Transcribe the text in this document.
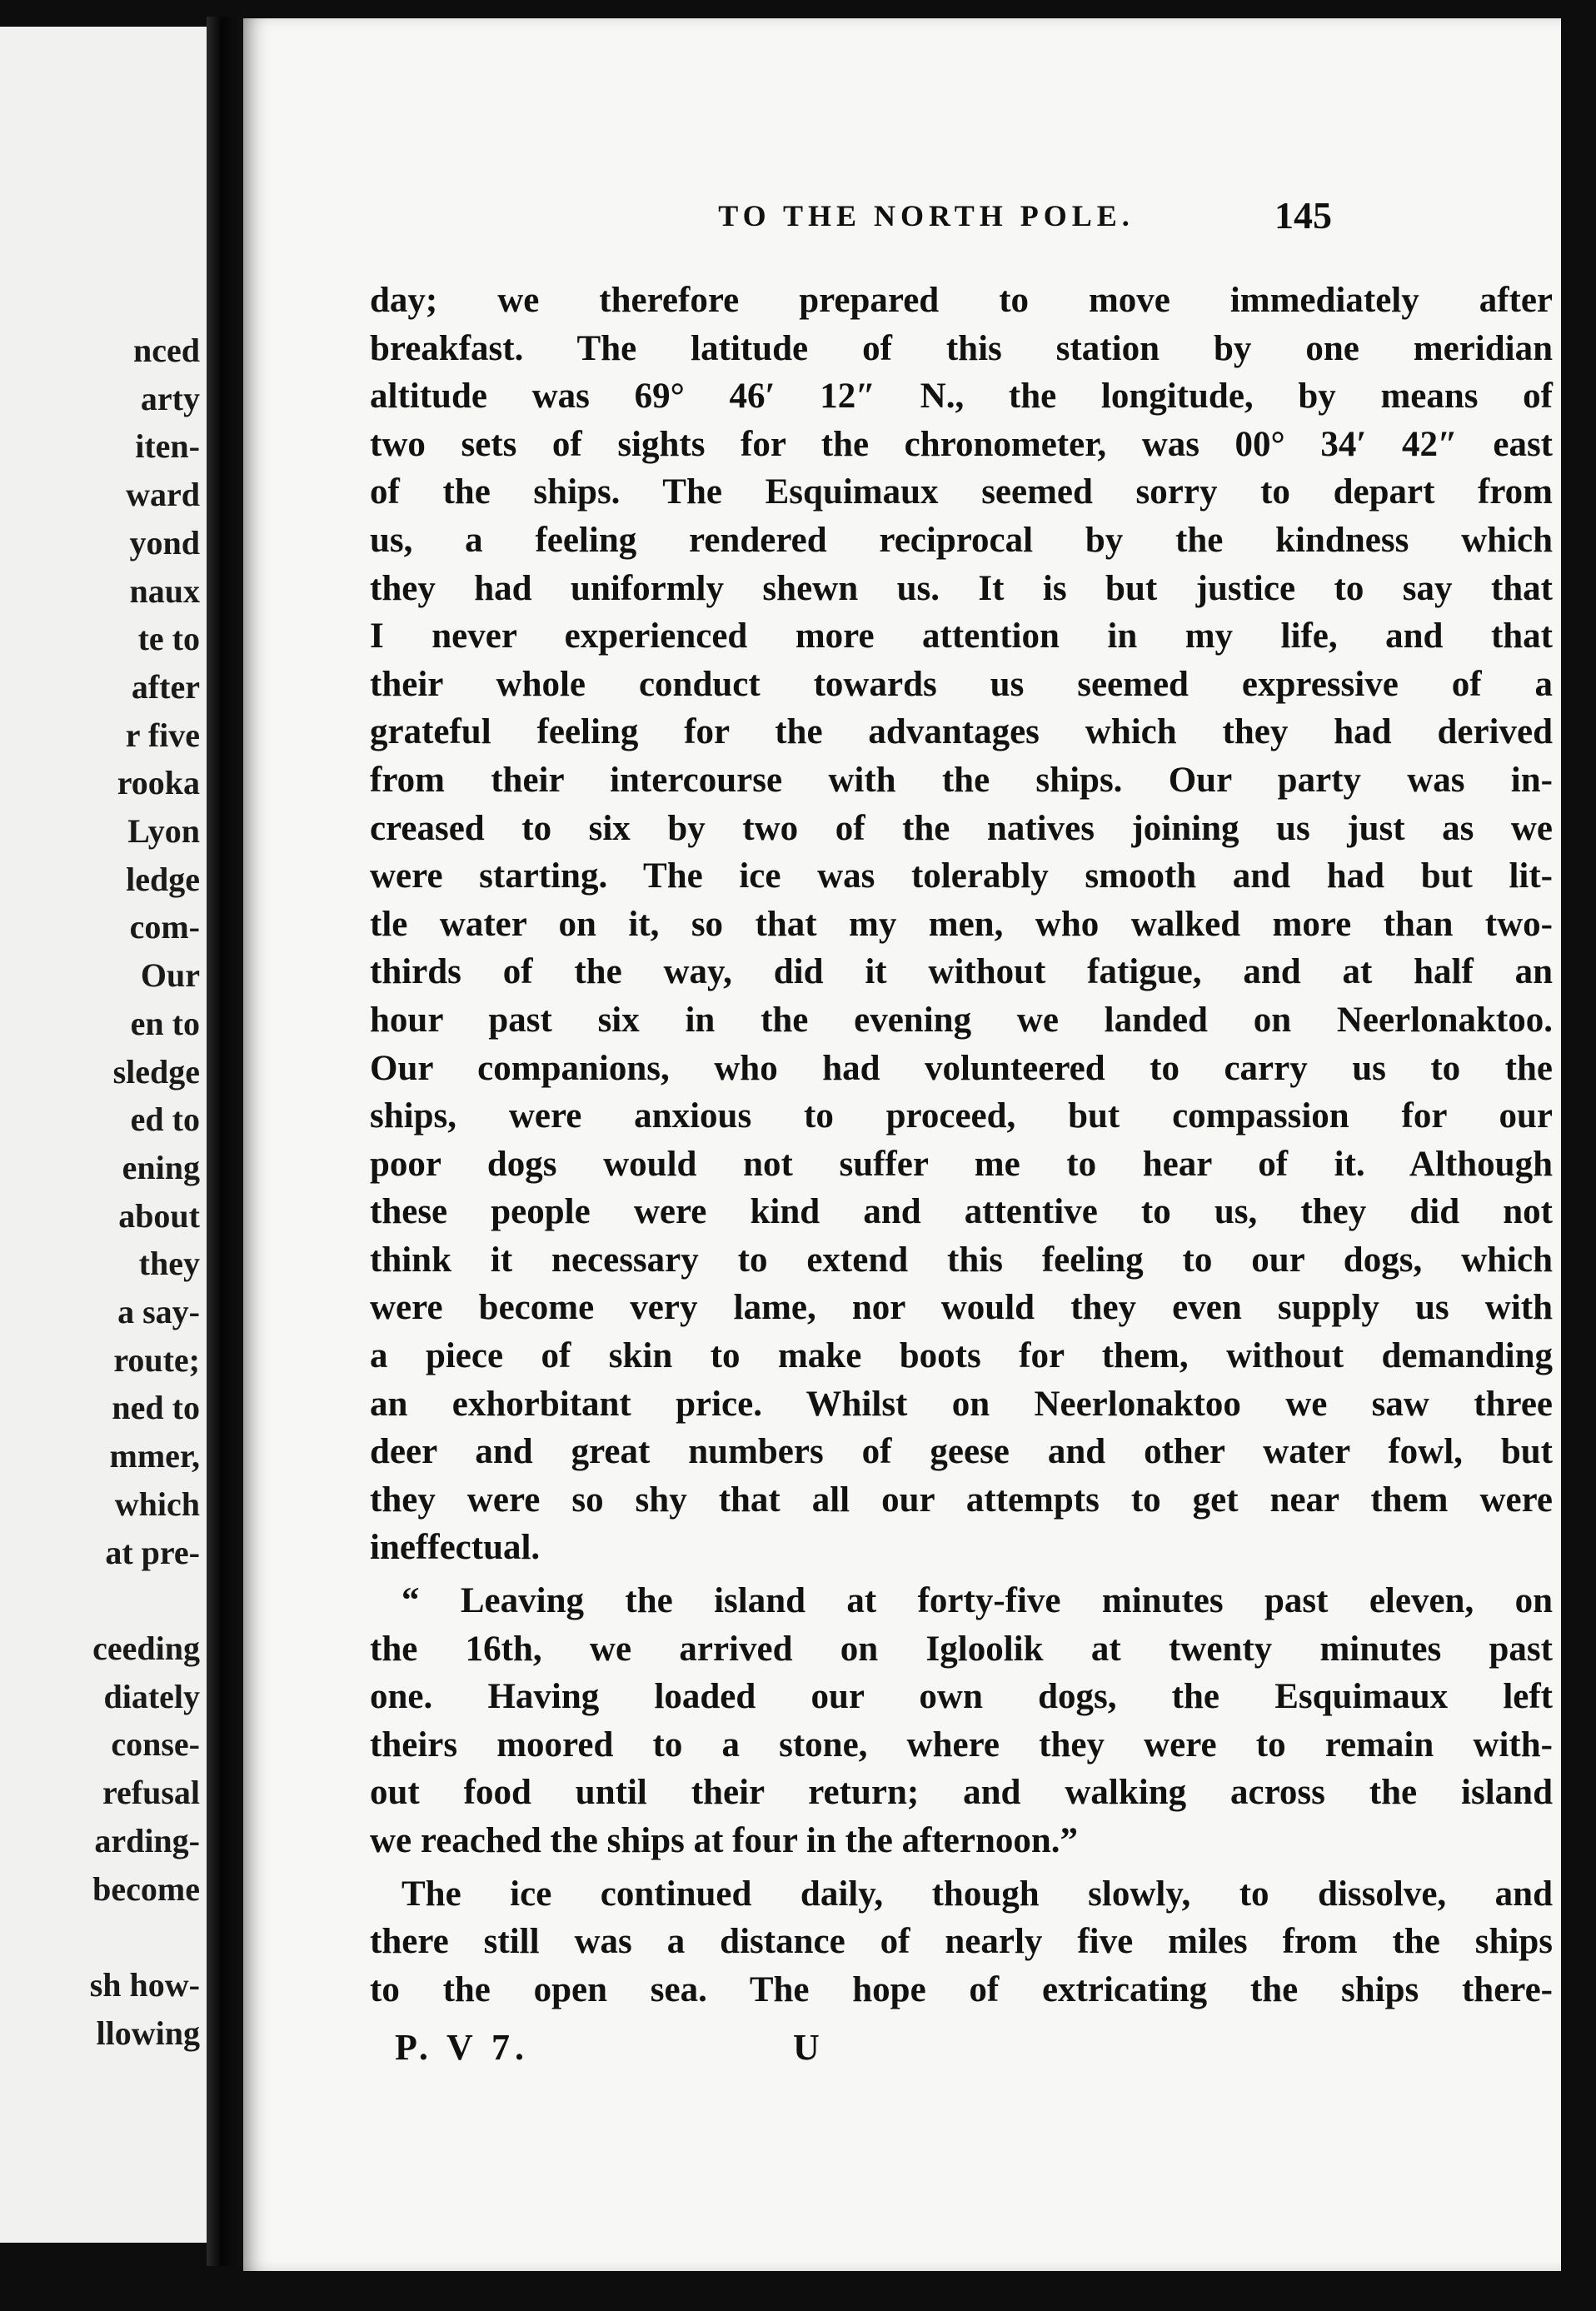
nced
arty
iten-
ward
yond
naux
te to
after
r five
rooka
Lyon
ledge
com-
Our
en to
sledge
ed to
ening
about
they
a say-
route;
ned to
mmer,
which
at pre-

ceeding
diately
conse-
refusal
arding-
become

sh how-
llowing
TO THE NORTH POLE.	145
day; we therefore prepared to move immediately after
breakfast. The latitude of this station by one meridian
altitude was 69° 46′ 12″ N., the longitude, by means of
two sets of sights for the chronometer, was 00° 34′ 42″ east
of the ships. The Esquimaux seemed sorry to depart from
us, a feeling rendered reciprocal by the kindness which
they had uniformly shewn us. It is but justice to say that
I never experienced more attention in my life, and that
their whole conduct towards us seemed expressive of a
grateful feeling for the advantages which they had derived
from their intercourse with the ships. Our party was in-
creased to six by two of the natives joining us just as we
were starting. The ice was tolerably smooth and had but lit-
tle water on it, so that my men, who walked more than two-
thirds of the way, did it without fatigue, and at half an
hour past six in the evening we landed on Neerlonaktoo.
Our companions, who had volunteered to carry us to the
ships, were anxious to proceed, but compassion for our
poor dogs would not suffer me to hear of it. Although
these people were kind and attentive to us, they did not
think it necessary to extend this feeling to our dogs, which
were become very lame, nor would they even supply us with
a piece of skin to make boots for them, without demanding
an exhorbitant price. Whilst on Neerlonaktoo we saw three
deer and great numbers of geese and other water fowl, but
they were so shy that all our attempts to get near them were
ineffectual.
“ Leaving the island at forty-five minutes past eleven, on
the 16th, we arrived on Igloolik at twenty minutes past
one. Having loaded our own dogs, the Esquimaux left
theirs moored to a stone, where they were to remain with-
out food until their return; and walking across the island
we reached the ships at four in the afternoon.”
The ice continued daily, though slowly, to dissolve, and
there still was a distance of nearly five miles from the ships
to the open sea. The hope of extricating the ships there-
P. V 7.	U
